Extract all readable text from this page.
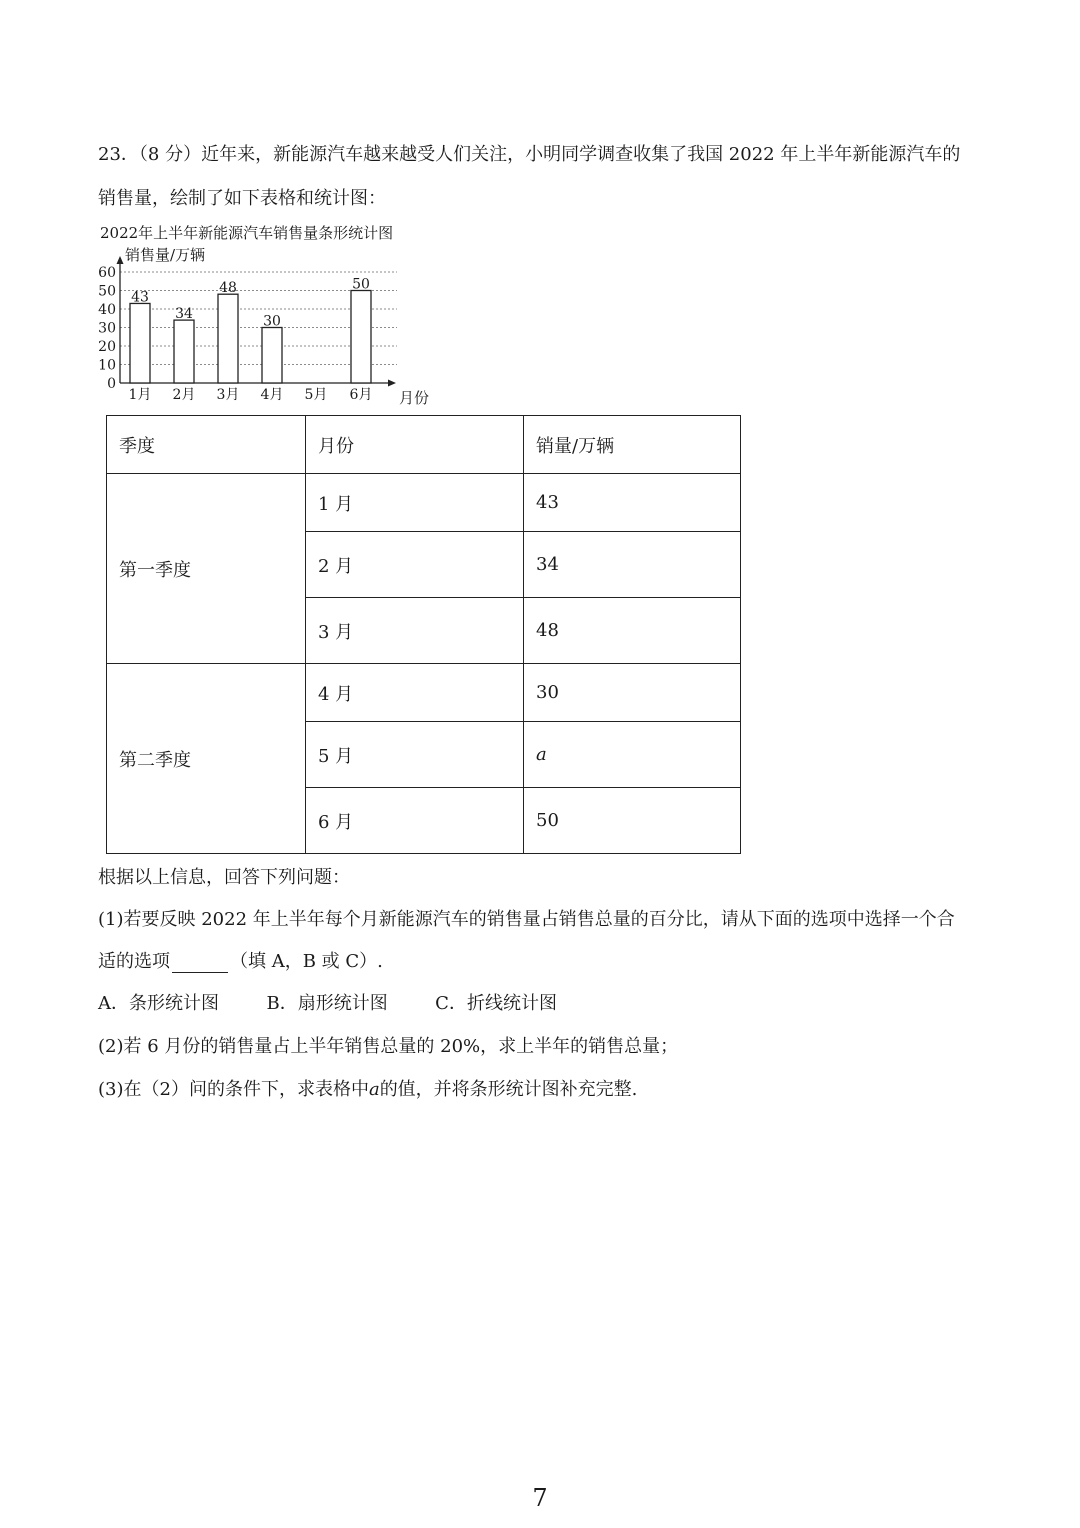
23．（8 分）近年来，新能源汽车越来越受人们关注，小明同学调查收集了我国 2022 年上半年新能源汽车的
销售量，绘制了如下表格和统计图：
2022年上半年新能源汽车销售量条形统计图
0
10
20
30
40
50
60
销售量/万辆
月份
43
1月
34
2月
48
3月
30
4月 5月
50
6月
季度	月份	销量/万辆
第一季度	1 月	43
	2 月	34
	3 月	48
第二季度	4 月	30
	5 月	a
	6 月	50
根据以上信息，回答下列问题：
(1)若要反映 2022 年上半年每个月新能源汽车的销售量占销售总量的百分比，请从下面的选项中选择一个合
适的选项	（填 A，B 或 C）.
A．条形统计图	B．扇形统计图	C．折线统计图
(2)若 6 月份的销售量占上半年销售总量的 20%，求上半年的销售总量；
(3)在（2）问的条件下，求表格中a的值，并将条形统计图补充完整.
7
